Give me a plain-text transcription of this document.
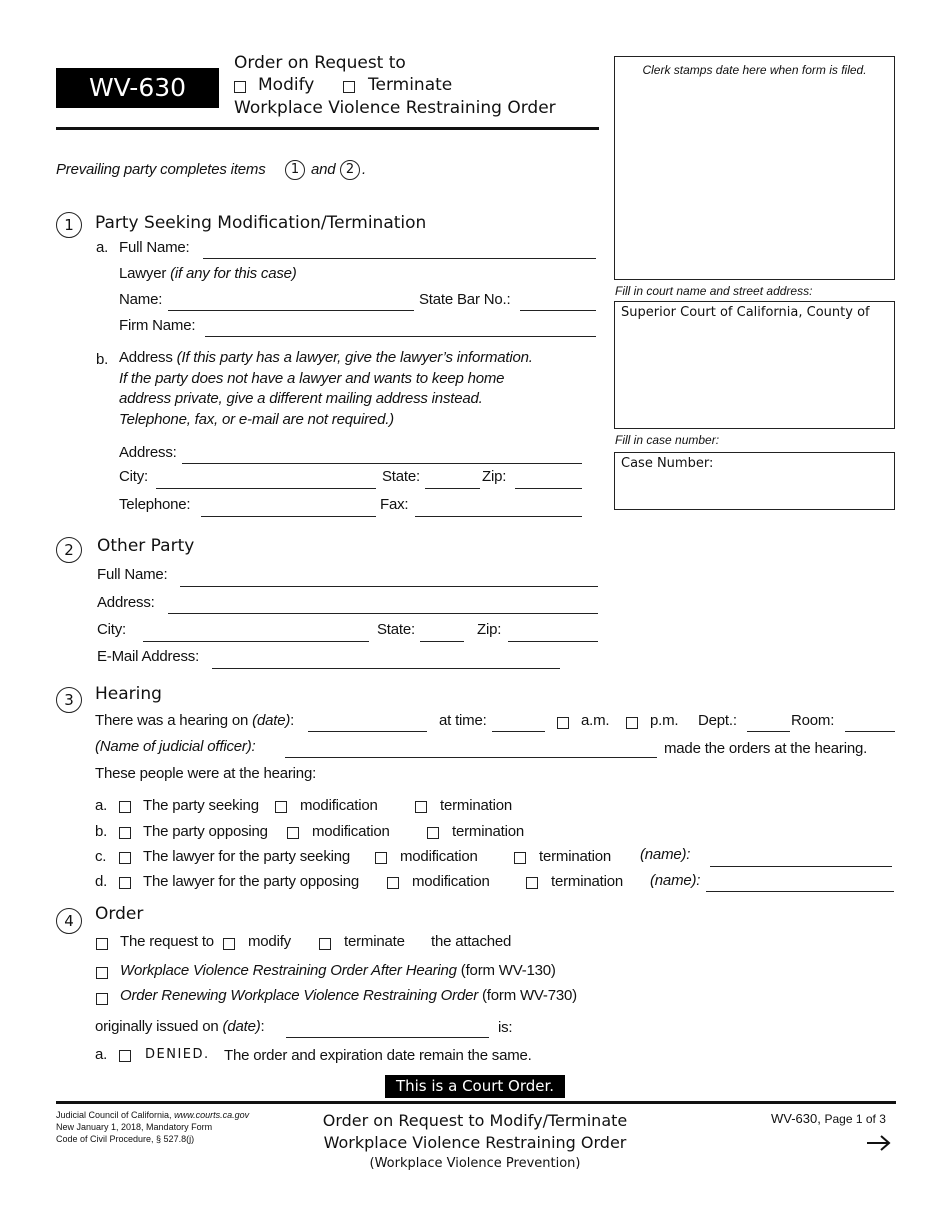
WV-630
Order on Request to
Modify	Terminate
Workplace Violence Restraining Order
Clerk stamps date here when form is filed.
Fill in court name and street address:
Superior Court of California, County of
Fill in case number:
Case Number:
Prevailing party completes items	1 and 2 .
1	Party Seeking Modification/Termination
a. Full Name:
Lawyer (if any for this case)
Name:	State Bar No.:
Firm Name:
b. Address (If this party has a lawyer, give the lawyer’s information.
If the party does not have a lawyer and wants to keep home
address private, give a different mailing address instead.
Telephone, fax, or e-mail are not required.)
Address:
City:	State:	Zip:
Telephone:	Fax:
2	Other Party
Full Name:
Address:
City:	State:	Zip:
E-Mail Address:
3	Hearing
There was a hearing on (date):	at time:	a.m.	p.m. Dept.:	Room:
(Name of judicial officer):	made the orders at the hearing.
These people were at the hearing:
a. The party seeking	modification	termination
b. The party opposing	modification	termination
c. The lawyer for the party seeking	modification	termination (name):
d. The lawyer for the party opposing	modification	termination (name):
4	Order
The request to modify	terminate the attached
Workplace Violence Restraining Order After Hearing (form WV-130)
Order Renewing Workplace Violence Restraining Order (form WV-730)
originally issued on (date):	is:
a.	DENIED. The order and expiration date remain the same.
This is a Court Order.
Judicial Council of California, www.courts.ca.gov
New January 1, 2018, Mandatory Form
Code of Civil Procedure, § 527.8(j)
Order on Request to Modify/Terminate
Workplace Violence Restraining Order
(Workplace Violence Prevention)
WV-630, Page 1 of 3
